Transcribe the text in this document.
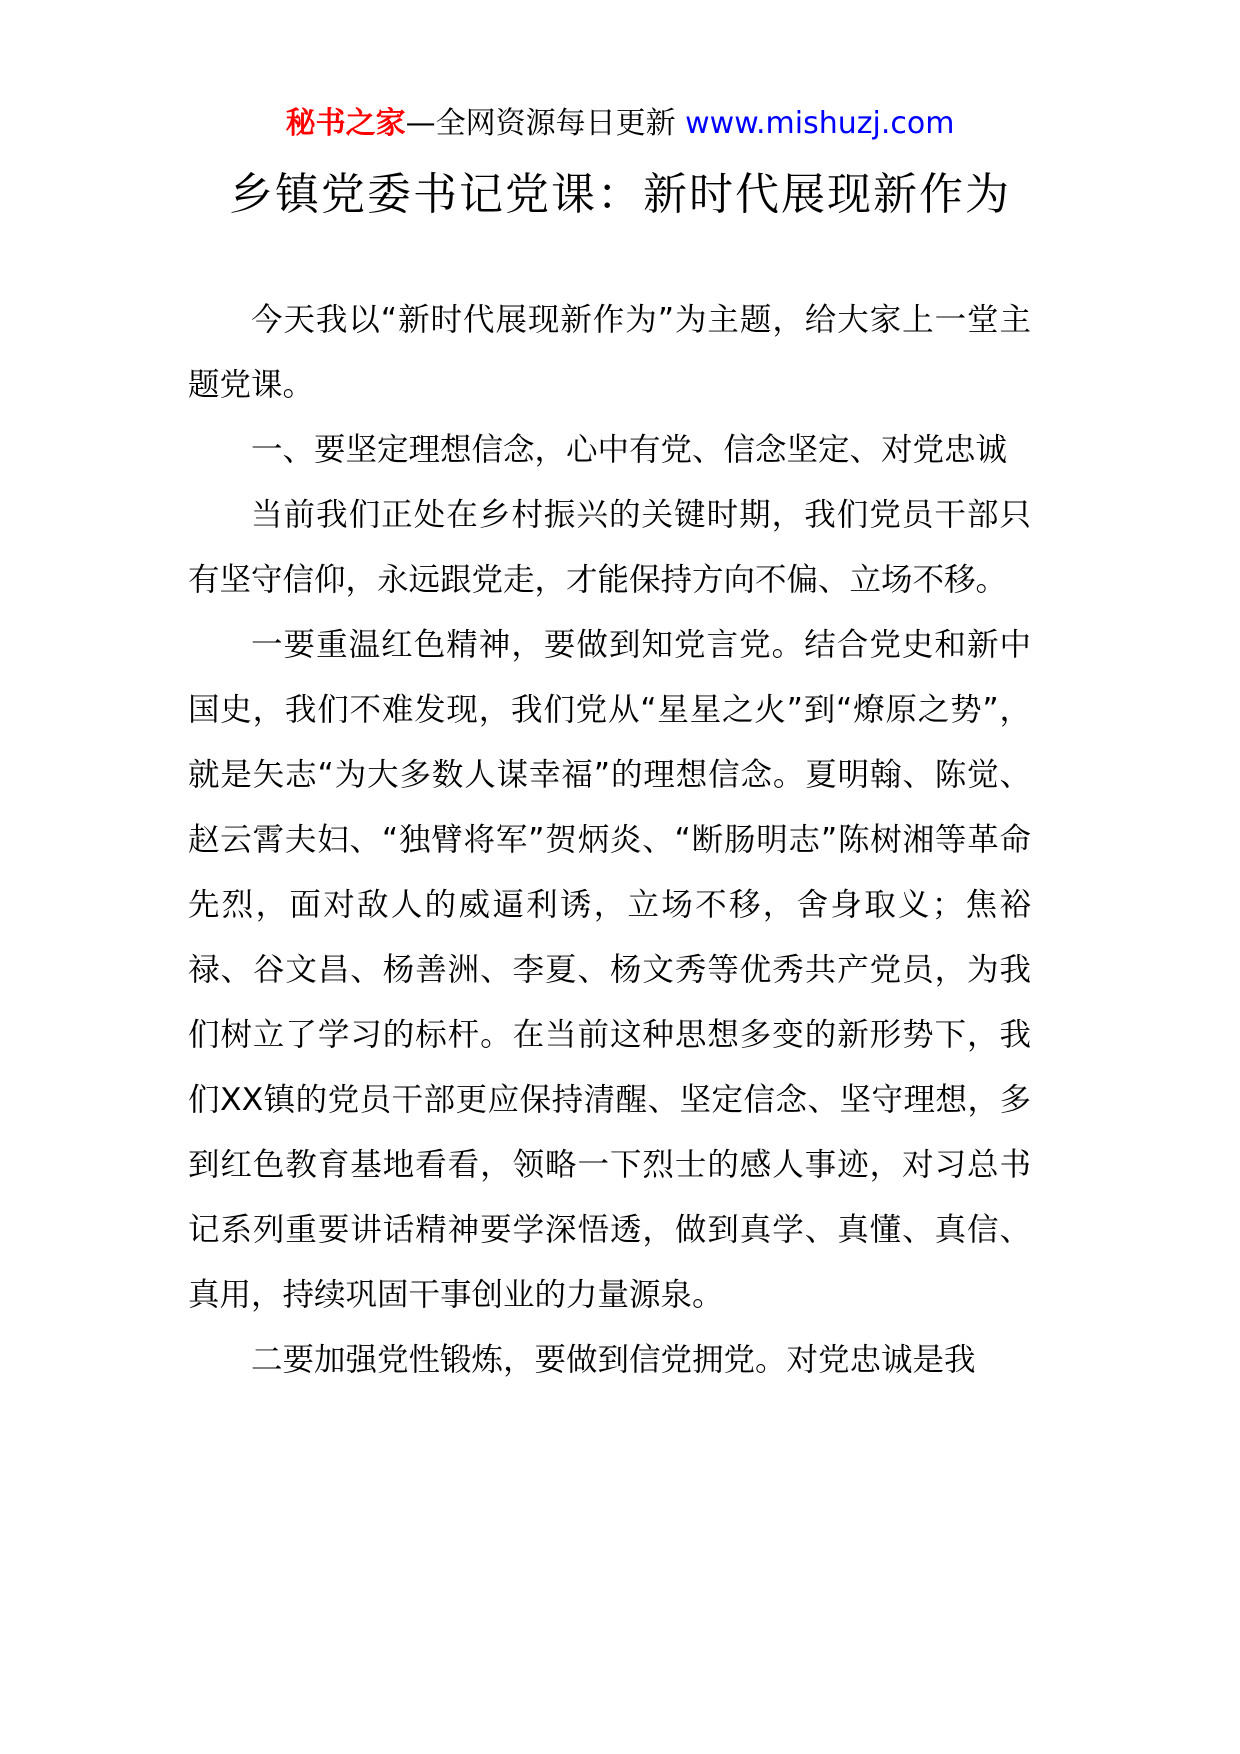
秘书之家—全网资源每日更新 www.mishuzj.com
乡镇党委书记党课：新时代展现新作为

今天我以“新时代展现新作为”为主题，给大家上一堂主题党课。

一、要坚定理想信念，心中有党、信念坚定、对党忠诚

当前我们正处在乡村振兴的关键时期，我们党员干部只有坚守信仰，永远跟党走，才能保持方向不偏、立场不移。

一要重温红色精神，要做到知党言党。结合党史和新中国史，我们不难发现，我们党从“星星之火”到“燎原之势”，就是矢志“为大多数人谋幸福”的理想信念。夏明翰、陈觉、赵云霄夫妇、“独臂将军”贺炳炎、“断肠明志”陈树湘等革命先烈，面对敌人的威逼利诱，立场不移，舍身取义；焦裕禄、谷文昌、杨善洲、李夏、杨文秀等优秀共产党员，为我们树立了学习的标杆。在当前这种思想多变的新形势下，我们XX镇的党员干部更应保持清醒、坚定信念、坚守理想，多到红色教育基地看看，领略一下烈士的感人事迹，对习总书记系列重要讲话精神要学深悟透，做到真学、真懂、真信、真用，持续巩固干事创业的力量源泉。

二要加强党性锻炼，要做到信党拥党。对党忠诚是我
